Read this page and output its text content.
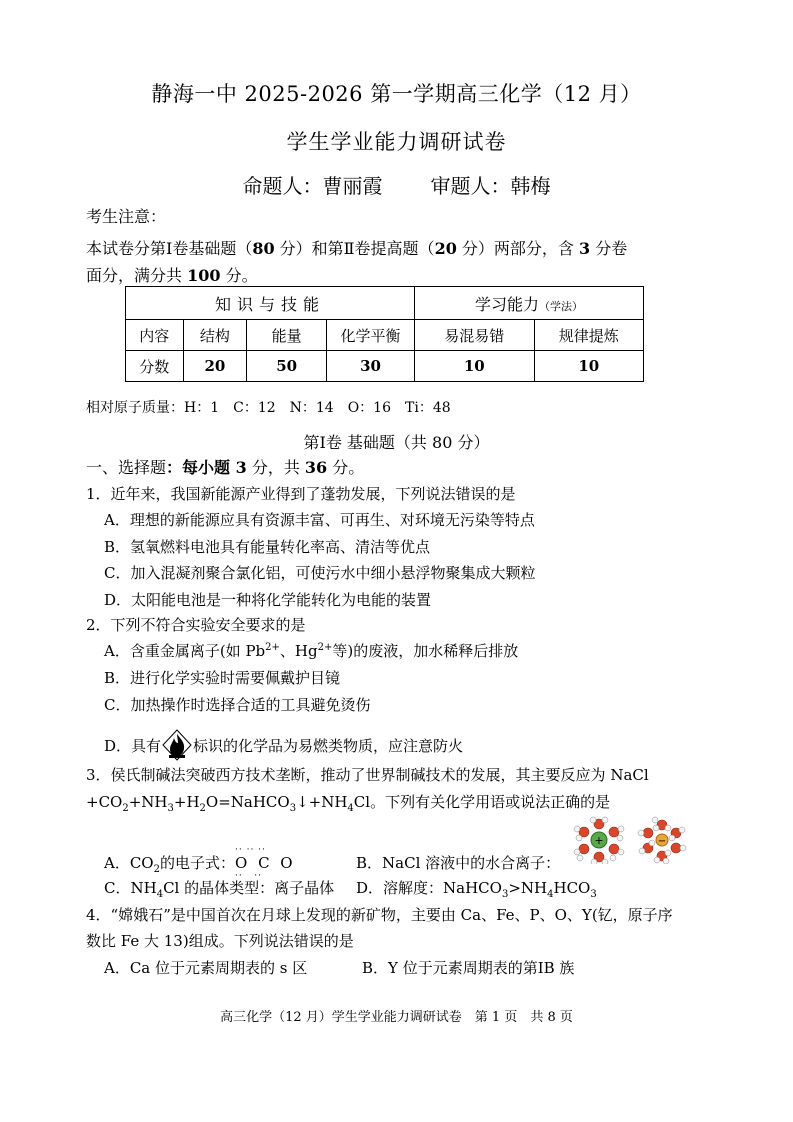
静海一中 2025-2026 第一学期高三化学（12 月）
学生学业能力调研试卷
命题人：曹丽霞 审题人：韩梅
考生注意：
本试卷分第Ⅰ卷基础题（80 分）和第Ⅱ卷提高题（20 分）两部分，含 3 分卷
面分，满分共 100 分。
知识与技能				学习能力（学法）	
内容	结构	能量	化学平衡	易混易错	规律提炼
分数	20	50	30	10	10
相对原子质量：H：1　C：12　N：14　O：16　Ti：48
第Ⅰ卷 基础题（共 80 分）
一、选择题：每小题 3 分，共 36 分。
1．近年来，我国新能源产业得到了蓬勃发展，下列说法错误的是
A．理想的新能源应具有资源丰富、可再生、对环境无污染等特点
B．氢氧燃料电池具有能量转化率高、清洁等优点
C．加入混凝剂聚合氯化铝，可使污水中细小悬浮物聚集成大颗粒
D．太阳能电池是一种将化学能转化为电能的装置
2．下列不符合实验安全要求的是
A．含重金属离子(如 $Pb^{2+}$、$Hg^{2+}$等)的废液，加水稀释后排放
B．进行化学实验时需要佩戴护目镜
C．加热操作时选择合适的工具避免烫伤
D．具有 标识的化学品为易燃类物质，应注意防火
3．侯氏制碱法突破西方技术垄断，推动了世界制碱技术的发展，其主要反应为 NaCl
$+CO_2+NH_3+H_2O=NaHCO_3↓+NH_4Cl$。下列有关化学用语或说法正确的是
+	−
A．$CO_2$的电子式：O C O
·· ·· ··
··   ··
B．NaCl 溶液中的水合离子：
C．$NH_4Cl$ 的晶体类型：离子晶体 D．溶解度：$NaHCO_3>NH_4HCO_3$
4．“嫦娥石”是中国首次在月球上发现的新矿物，主要由 Ca、Fe、P、O、Y(钇，原子序
数比 Fe 大 13)组成。下列说法错误的是
A．Ca 位于元素周期表的 s 区	B．Y 位于元素周期表的第ⅠB 族
高三化学（12 月）学生学业能力调研试卷　第 1 页　共 8 页
